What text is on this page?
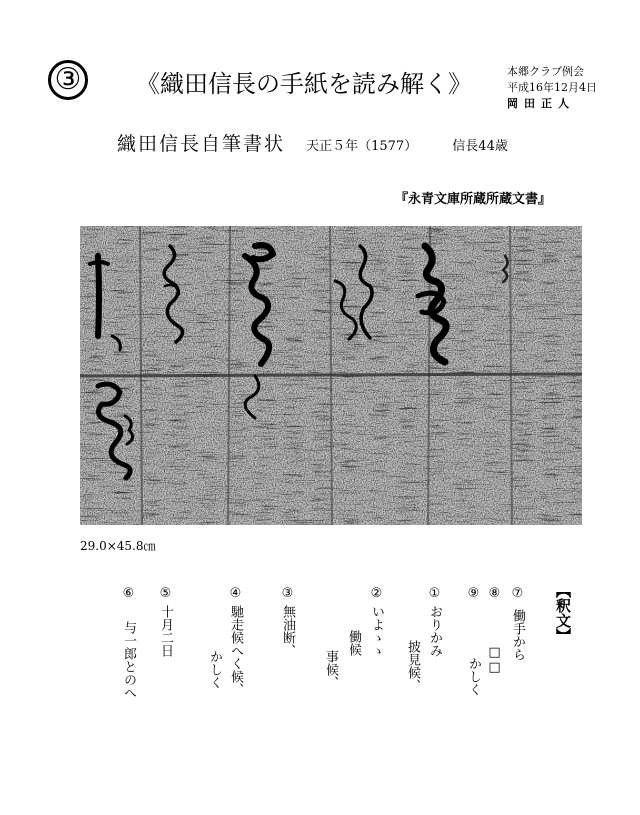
③ 《織田信長の手紙を読み解く》	本郷クラブ例会
平成16年12月4日
岡田正人
織田信長自筆書状 天正５年（1577）	信長44歳
『永青文庫所蔵所蔵文書』
29.0×45.8㎝
【釈文】
⑦働手から
⑧□□
⑨かしく
①おりかみ
披見候、
②いよゝゝ
働候
事候、
③無油断、
④馳走候へく候、
かしく
⑤十月二日
⑥与一郎とのへ
